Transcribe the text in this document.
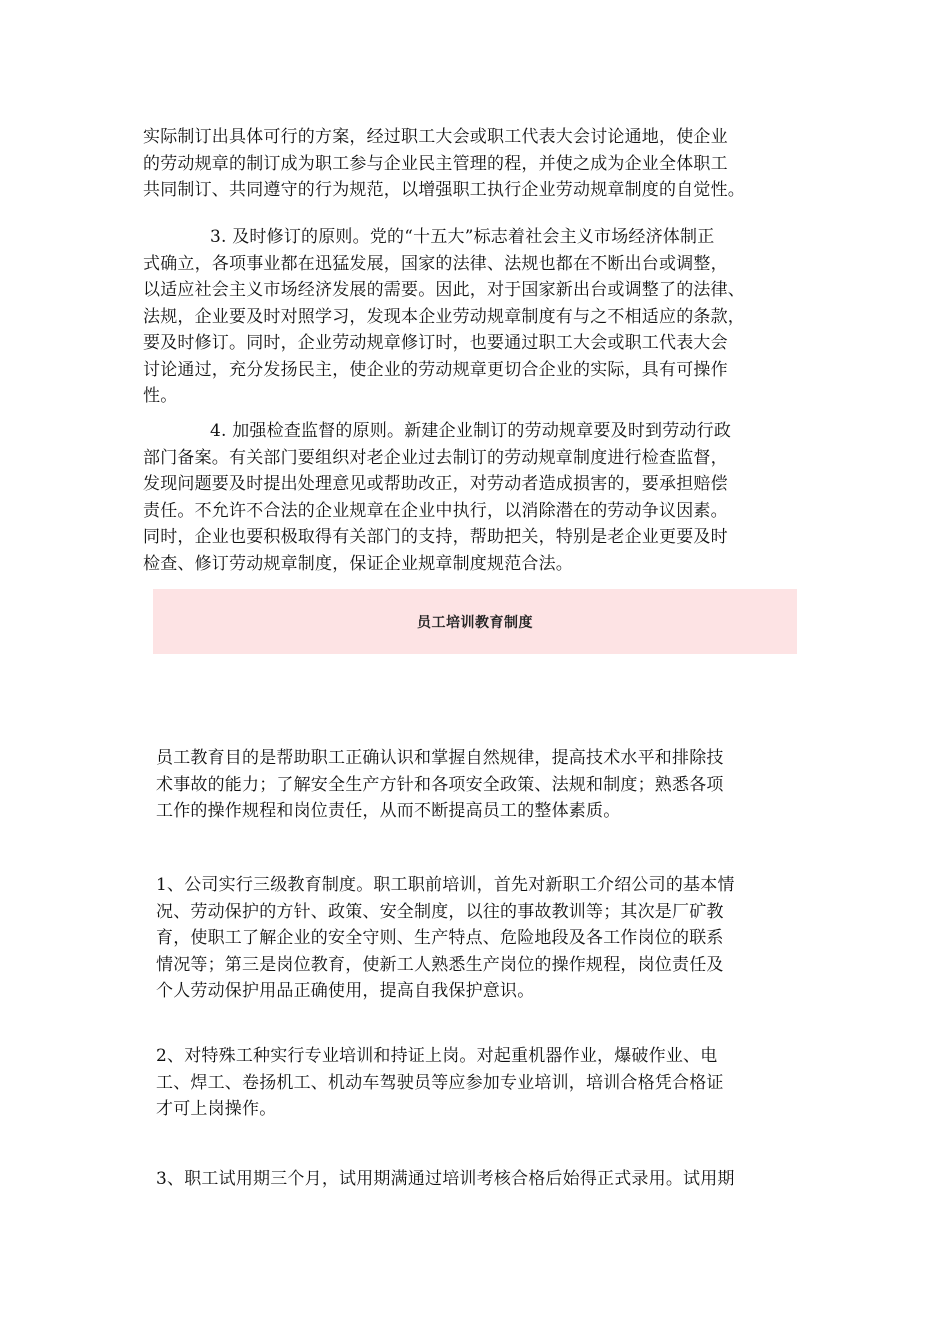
实际制订出具体可行的方案，经过职工大会或职工代表大会讨论通地，使企业
的劳动规章的制订成为职工参与企业民主管理的程，并使之成为企业全体职工
共同制订、共同遵守的行为规范，以增强职工执行企业劳动规章制度的自觉性。
3. 及时修订的原则。党的“十五大”标志着社会主义市场经济体制正
式确立，各项事业都在迅猛发展，国家的法律、法规也都在不断出台或调整，
以适应社会主义市场经济发展的需要。因此，对于国家新出台或调整了的法律、
法规，企业要及时对照学习，发现本企业劳动规章制度有与之不相适应的条款，
要及时修订。同时，企业劳动规章修订时，也要通过职工大会或职工代表大会
讨论通过，充分发扬民主，使企业的劳动规章更切合企业的实际，具有可操作
性。
4. 加强检查监督的原则。新建企业制订的劳动规章要及时到劳动行政
部门备案。有关部门要组织对老企业过去制订的劳动规章制度进行检查监督，
发现问题要及时提出处理意见或帮助改正，对劳动者造成损害的，要承担赔偿
责任。不允许不合法的企业规章在企业中执行，以消除潜在的劳动争议因素。
同时，企业也要积极取得有关部门的支持，帮助把关，特别是老企业更要及时
检查、修订劳动规章制度，保证企业规章制度规范合法。
员工培训教育制度
员工教育目的是帮助职工正确认识和掌握自然规律，提高技术水平和排除技
术事故的能力；了解安全生产方针和各项安全政策、法规和制度；熟悉各项
工作的操作规程和岗位责任，从而不断提高员工的整体素质。
1、公司实行三级教育制度。职工职前培训，首先对新职工介绍公司的基本情
况、劳动保护的方针、政策、安全制度，以往的事故教训等；其次是厂矿教
育，使职工了解企业的安全守则、生产特点、危险地段及各工作岗位的联系
情况等；第三是岗位教育，使新工人熟悉生产岗位的操作规程，岗位责任及
个人劳动保护用品正确使用，提高自我保护意识。
2、对特殊工种实行专业培训和持证上岗。对起重机器作业，爆破作业、电
工、焊工、卷扬机工、机动车驾驶员等应参加专业培训，培训合格凭合格证
才可上岗操作。
3、职工试用期三个月，试用期满通过培训考核合格后始得正式录用。试用期
